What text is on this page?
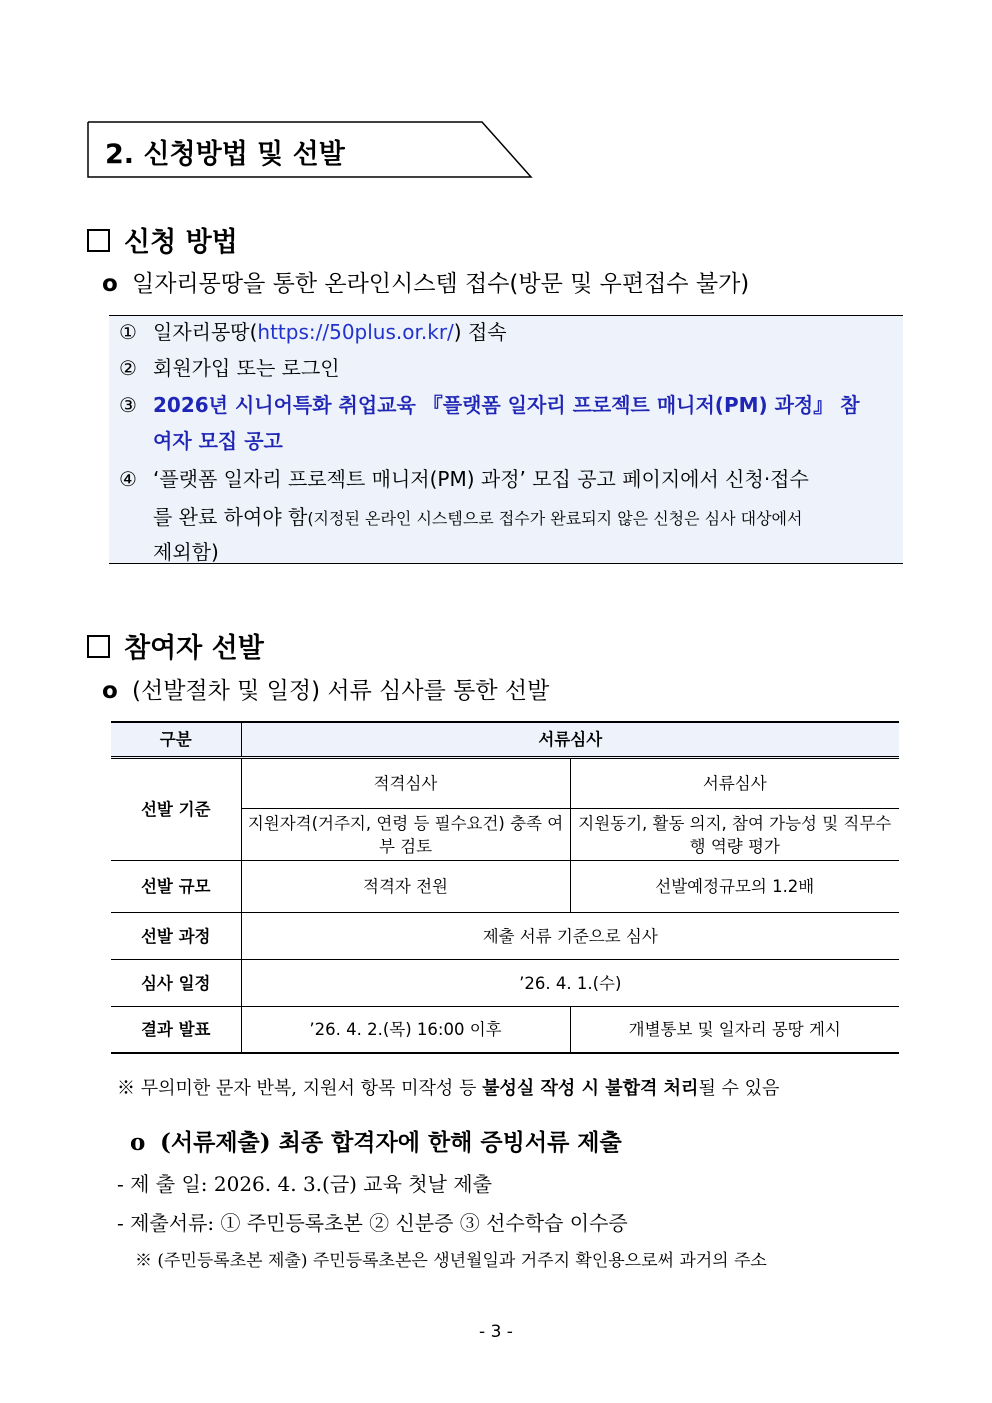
2. 신청방법 및 선발
신청 방법
o 일자리몽땅을 통한 온라인시스템 접수(방문 및 우편접수 불가)
① 일자리몽땅(https://50plus.or.kr/) 접속
② 회원가입 또는 로그인
③ 2026년 시니어특화 취업교육 『플랫폼 일자리 프로젝트 매니저(PM) 과정』 참
여자 모집 공고
④ ‘플랫폼 일자리 프로젝트 매니저(PM) 과정’ 모집 공고 페이지에서 신청·접수
를 완료 하여야 함(지정된 온라인 시스템으로 접수가 완료되지 않은 신청은 심사 대상에서
제외함)
참여자 선발
o (선발절차 및 일정) 서류 심사를 통한 선발
구분	서류심사	
선발 기준	적격심사	서류심사
	지원자격(거주지, 연령 등 필수요건) 충족 여부 검토	지원동기, 활동 의지, 참여 가능성 및 직무수행 역량 평가
선발 규모	적격자 전원	선발예정규모의 1.2배
선발 과정	제출 서류 기준으로 심사	
심사 일정	’26. 4. 1.(수)	
결과 발표	’26. 4. 2.(목) 16:00 이후	개별통보 및 일자리 몽땅 게시
※ 무의미한 문자 반복, 지원서 항목 미작성 등 불성실 작성 시 불합격 처리될 수 있음
o (서류제출) 최종 합격자에 한해 증빙서류 제출
- 제 출 일: 2026. 4. 3.(금) 교육 첫날 제출
- 제출서류: ① 주민등록초본 ② 신분증 ③ 선수학습 이수증
※ (주민등록초본 제출) 주민등록초본은 생년월일과 거주지 확인용으로써 과거의 주소
- 3 -
